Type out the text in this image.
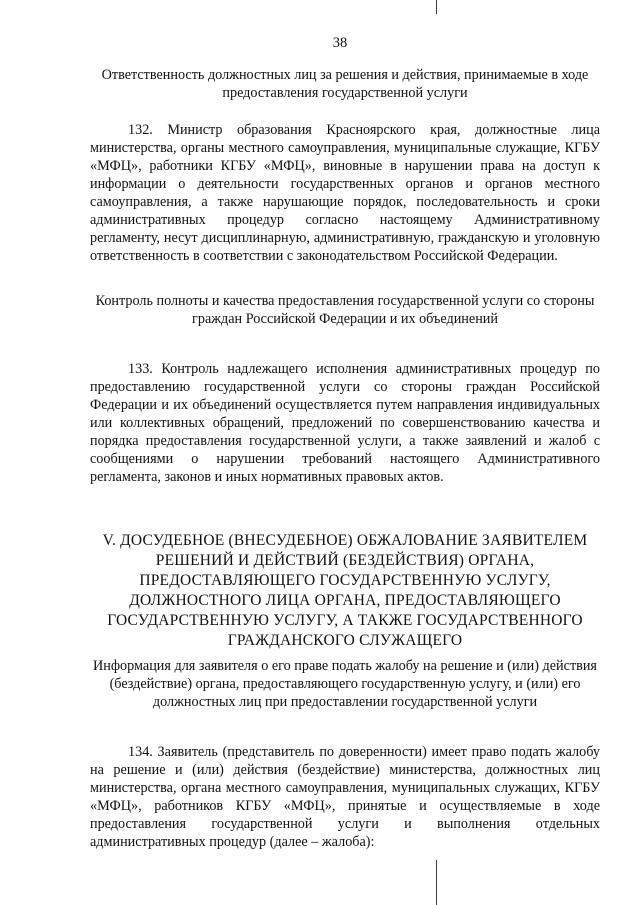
38

Ответственность должностных лиц за решения и действия, принимаемые в ходе предоставления государственной услуги

132. Министр образования Красноярского края, должностные лица министерства, органы местного самоуправления, муниципальные служащие, КГБУ «МФЦ», работники КГБУ «МФЦ», виновные в нарушении права на доступ к информации о деятельности государственных органов и органов местного самоуправления, а также нарушающие порядок, последовательность и сроки административных процедур согласно настоящему Административному регламенту, несут дисциплинарную, административную, гражданскую и уголовную ответственность в соответствии с законодательством Российской Федерации.

Контроль полноты и качества предоставления государственной услуги со стороны граждан Российской Федерации и их объединений

133. Контроль надлежащего исполнения административных процедур по предоставлению государственной услуги со стороны граждан Российской Федерации и их объединений осуществляется путем направления индивидуальных или коллективных обращений, предложений по совершенствованию качества и порядка предоставления государственной услуги, а также заявлений и жалоб с сообщениями о нарушении требований настоящего Административного регламента, законов и иных нормативных правовых актов.

V. ДОСУДЕБНОЕ (ВНЕСУДЕБНОЕ) ОБЖАЛОВАНИЕ ЗАЯВИТЕЛЕМ РЕШЕНИЙ И ДЕЙСТВИЙ (БЕЗДЕЙСТВИЯ) ОРГАНА, ПРЕДОСТАВЛЯЮЩЕГО ГОСУДАРСТВЕННУЮ УСЛУГУ, ДОЛЖНОСТНОГО ЛИЦА ОРГАНА, ПРЕДОСТАВЛЯЮЩЕГО ГОСУДАРСТВЕННУЮ УСЛУГУ, А ТАКЖЕ ГОСУДАРСТВЕННОГО ГРАЖДАНСКОГО СЛУЖАЩЕГО

Информация для заявителя о его праве подать жалобу на решение и (или) действия (бездействие) органа, предоставляющего государственную услугу, и (или) его должностных лиц при предоставлении государственной услуги

134. Заявитель (представитель по доверенности) имеет право подать жалобу на решение и (или) действия (бездействие) министерства, должностных лиц министерства, органа местного самоуправления, муниципальных служащих, КГБУ «МФЦ», работников КГБУ «МФЦ», принятые и осуществляемые в ходе предоставления государственной услуги и выполнения отдельных административных процедур (далее – жалоба):
